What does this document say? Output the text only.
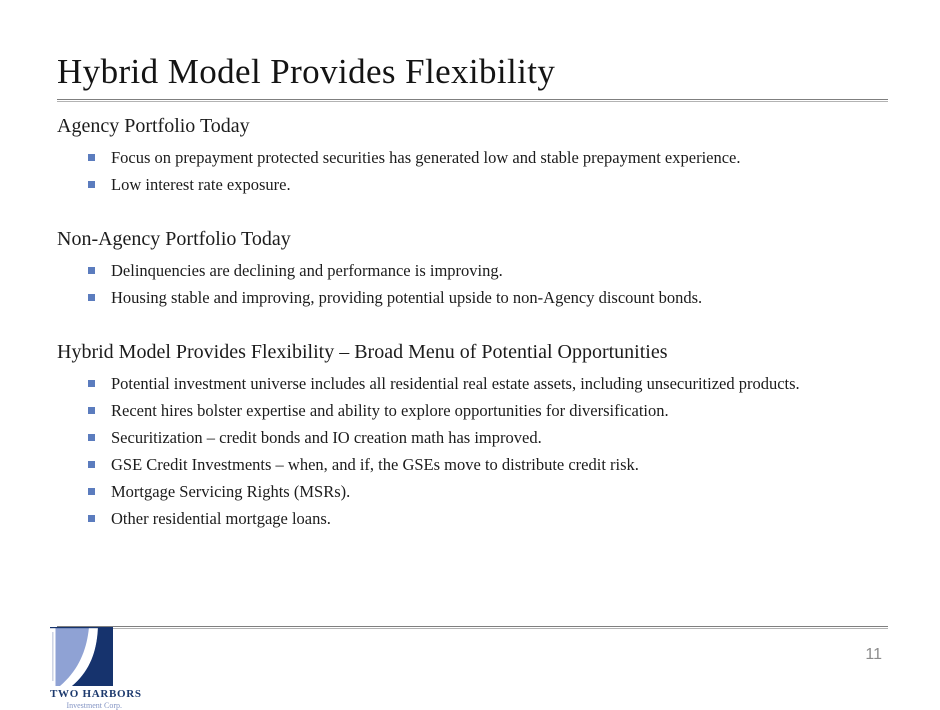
Hybrid Model Provides Flexibility
Agency Portfolio Today
Focus on prepayment protected securities has generated low and stable prepayment experience.
Low interest rate exposure.
Non-Agency Portfolio Today
Delinquencies are declining and performance is improving.
Housing stable and improving, providing potential upside to non-Agency discount bonds.
Hybrid Model Provides Flexibility – Broad Menu of Potential Opportunities
Potential investment universe includes all residential real estate assets, including unsecuritized products.
Recent hires bolster expertise and ability to explore opportunities for diversification.
Securitization – credit bonds and IO creation math has improved.
GSE Credit Investments – when, and if, the GSEs move to distribute credit risk.
Mortgage Servicing Rights (MSRs).
Other residential mortgage loans.
TWO HARBORS
Investment Corp.
11
